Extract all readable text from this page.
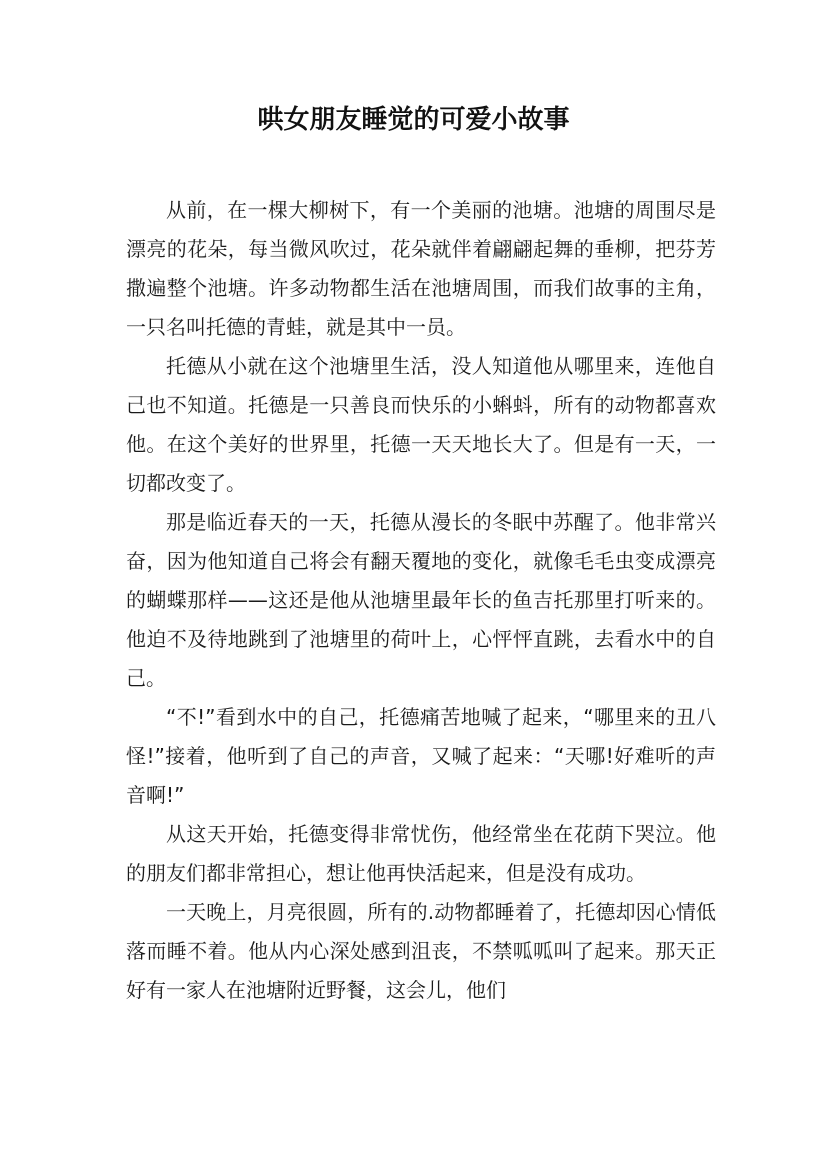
哄女朋友睡觉的可爱小故事

从前，在一棵大柳树下，有一个美丽的池塘。池塘的周围尽是漂亮的花朵，每当微风吹过，花朵就伴着翩翩起舞的垂柳，把芬芳撒遍整个池塘。许多动物都生活在池塘周围，而我们故事的主角，一只名叫托德的青蛙，就是其中一员。

托德从小就在这个池塘里生活，没人知道他从哪里来，连他自己也不知道。托德是一只善良而快乐的小蝌蚪，所有的动物都喜欢他。在这个美好的世界里，托德一天天地长大了。但是有一天，一切都改变了。

那是临近春天的一天，托德从漫长的冬眠中苏醒了。他非常兴奋，因为他知道自己将会有翻天覆地的变化，就像毛毛虫变成漂亮的蝴蝶那样——这还是他从池塘里最年长的鱼吉托那里打听来的。他迫不及待地跳到了池塘里的荷叶上，心怦怦直跳，去看水中的自己。

“不!”看到水中的自己，托德痛苦地喊了起来，“哪里来的丑八怪!”接着，他听到了自己的声音，又喊了起来：“天哪!好难听的声音啊!”

从这天开始，托德变得非常忧伤，他经常坐在花荫下哭泣。他的朋友们都非常担心，想让他再快活起来，但是没有成功。

一天晚上，月亮很圆，所有的.动物都睡着了，托德却因心情低落而睡不着。他从内心深处感到沮丧，不禁呱呱叫了起来。那天正好有一家人在池塘附近野餐，这会儿，他们
